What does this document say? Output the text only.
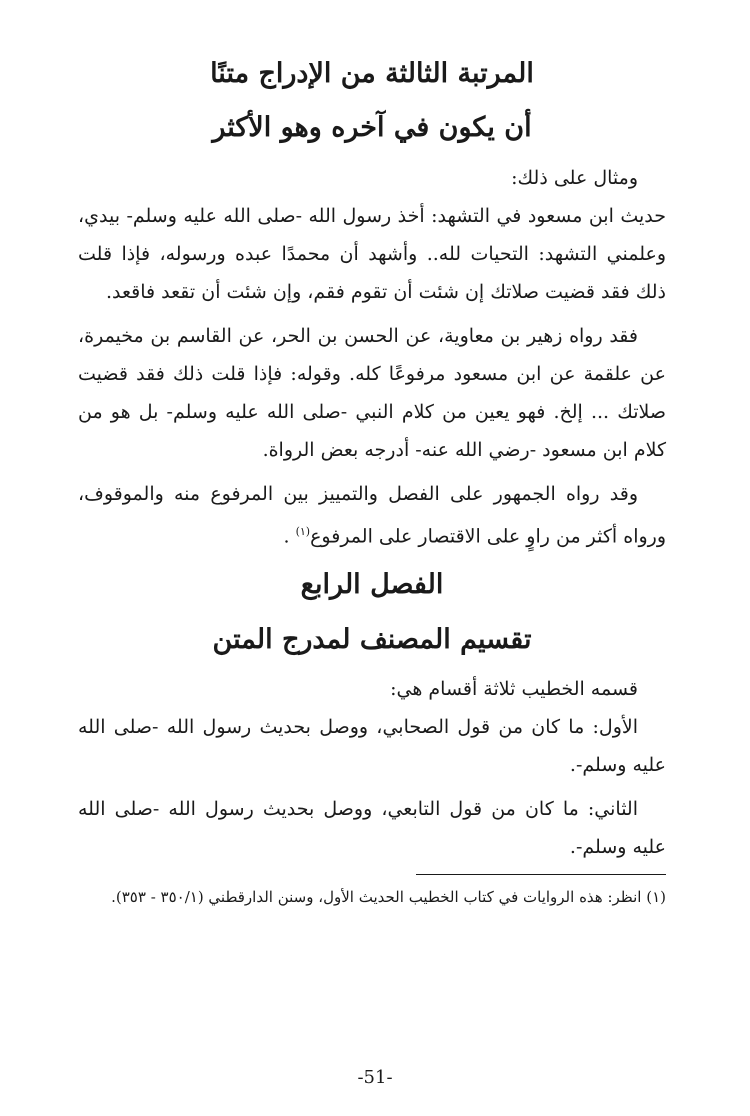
المرتبة الثالثة من الإدراج متنًا
أن يكون في آخره وهو الأكثر

ومثال على ذلك:

حديث ابن مسعود في التشهد: أخذ رسول الله -صلى الله عليه وسلم- بيدي، وعلمني التشهد: التحيات لله.. وأشهد أن محمدًا عبده ورسوله، فإذا قلت ذلك فقد قضيت صلاتك إن شئت أن تقوم فقم، وإن شئت أن تقعد فاقعد.

فقد رواه زهير بن معاوية، عن الحسن بن الحر، عن القاسم بن مخيمرة، عن علقمة عن ابن مسعود مرفوعًا كله. وقوله: فإذا قلت ذلك فقد قضيت صلاتك ... إلخ. فهو يعين من كلام النبي -صلى الله عليه وسلم- بل هو من كلام ابن مسعود -رضي الله عنه- أدرجه بعض الرواة.

وقد رواه الجمهور على الفصل والتمييز بين المرفوع منه والموقوف، ورواه أكثر من راوٍ على الاقتصار على المرفوع$^{(١)}$ .

الفصل الرابع
تقسيم المصنف لمدرج المتن

قسمه الخطيب ثلاثة أقسام هي:

الأول: ما كان من قول الصحابي، ووصل بحديث رسول الله -صلى الله عليه وسلم-.

الثاني: ما كان من قول التابعي، ووصل بحديث رسول الله -صلى الله عليه وسلم-.

(١) انظر: هذه الروايات في كتاب الخطيب الحديث الأول، وسنن الدارقطني (٣٥٠/١ - ٣٥٣).

-51-
